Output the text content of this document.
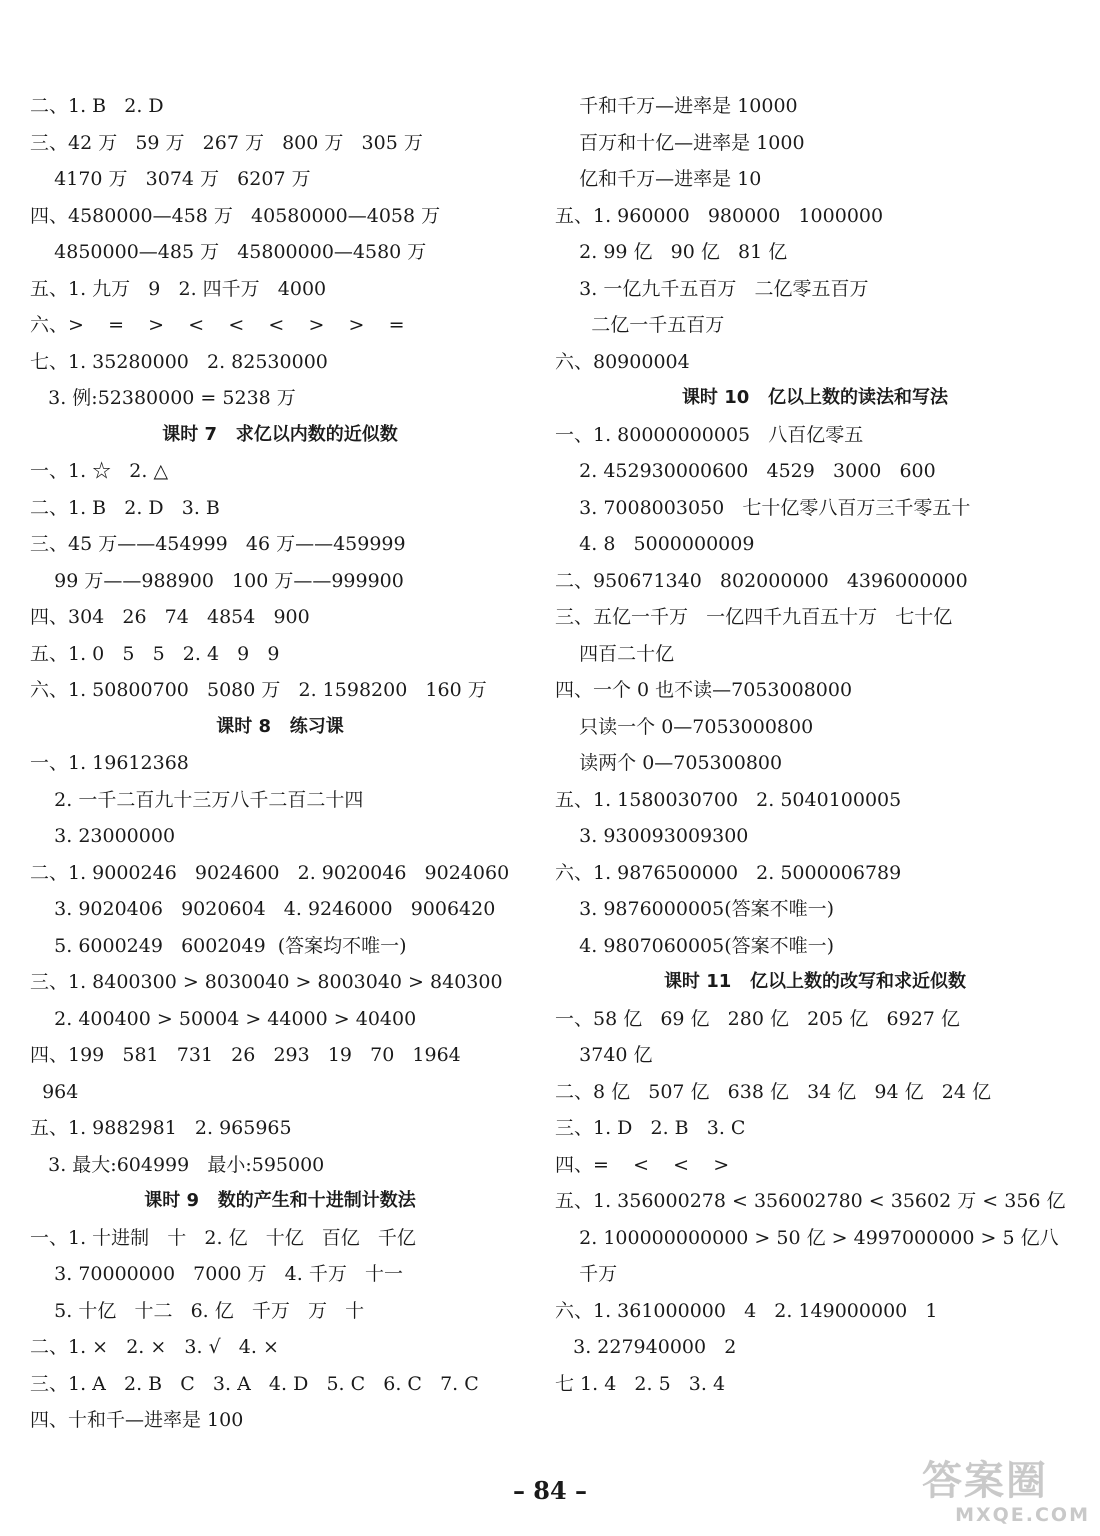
二、1. B   2. D
三、42 万   59 万   267 万   800 万   305 万
4170 万   3074 万   6207 万
四、4580000—458 万   40580000—4058 万
4850000—485 万   45800000—4580 万
五、1. 九万   9   2. 四千万   4000
六、>    =    >    <    <    <    >    >    =
七、1. 35280000   2. 82530000
3. 例:52380000 = 5238 万
课时 7   求亿以内数的近似数
一、1. ☆   2. △
二、1. B   2. D   3. B
三、45 万——454999   46 万——459999
99 万——988900   100 万——999900
四、304   26   74   4854   900
五、1. 0   5   5   2. 4   9   9
六、1. 50800700   5080 万   2. 1598200   160 万
课时 8   练习课
一、1. 19612368
2. 一千二百九十三万八千二百二十四
3. 23000000
二、1. 9000246   9024600   2. 9020046   9024060
3. 9020406   9020604   4. 9246000   9006420
5. 6000249   6002049  (答案均不唯一)
三、1. 8400300 > 8030040 > 8003040 > 840300
2. 400400 > 50004 > 44000 > 40400
四、199   581   731   26   293   19   70   1964
964
五、1. 9882981   2. 965965
3. 最大:604999   最小:595000
课时 9   数的产生和十进制计数法
一、1. 十进制   十   2. 亿   十亿   百亿   千亿
3. 70000000   7000 万   4. 千万   十一
5. 十亿   十二   6. 亿   千万   万   十
二、1. ×   2. ×   3. √   4. ×
三、1. A   2. B   C   3. A   4. D   5. C   6. C   7. C
四、十和千—进率是 100
千和千万—进率是 10000
百万和十亿—进率是 1000
亿和千万—进率是 10
五、1. 960000   980000   1000000
2. 99 亿   90 亿   81 亿
3. 一亿九千五百万   二亿零五百万
二亿一千五百万
六、80900004
课时 10   亿以上数的读法和写法
一、1. 80000000005   八百亿零五
2. 452930000600   4529   3000   600
3. 7008003050   七十亿零八百万三千零五十
4. 8   5000000009
二、950671340   802000000   4396000000
三、五亿一千万   一亿四千九百五十万   七十亿
四百二十亿
四、一个 0 也不读—7053008000
只读一个 0—7053000800
读两个 0—705300800
五、1. 1580030700   2. 5040100005
3. 930093009300
六、1. 9876500000   2. 5000006789
3. 9876000005(答案不唯一)
4. 9807060005(答案不唯一)
课时 11   亿以上数的改写和求近似数
一、58 亿   69 亿   280 亿   205 亿   6927 亿
3740 亿
二、8 亿   507 亿   638 亿   34 亿   94 亿   24 亿
三、1. D   2. B   3. C
四、=    <    <    >
五、1. 356000278 < 356002780 < 35602 万 < 356 亿
2. 100000000000 > 50 亿 > 4997000000 > 5 亿八
千万
六、1. 361000000   4   2. 149000000   1
3. 227940000   2
七 1. 4   2. 5   3. 4
– 84 –	答案圈
MXQE.COM
